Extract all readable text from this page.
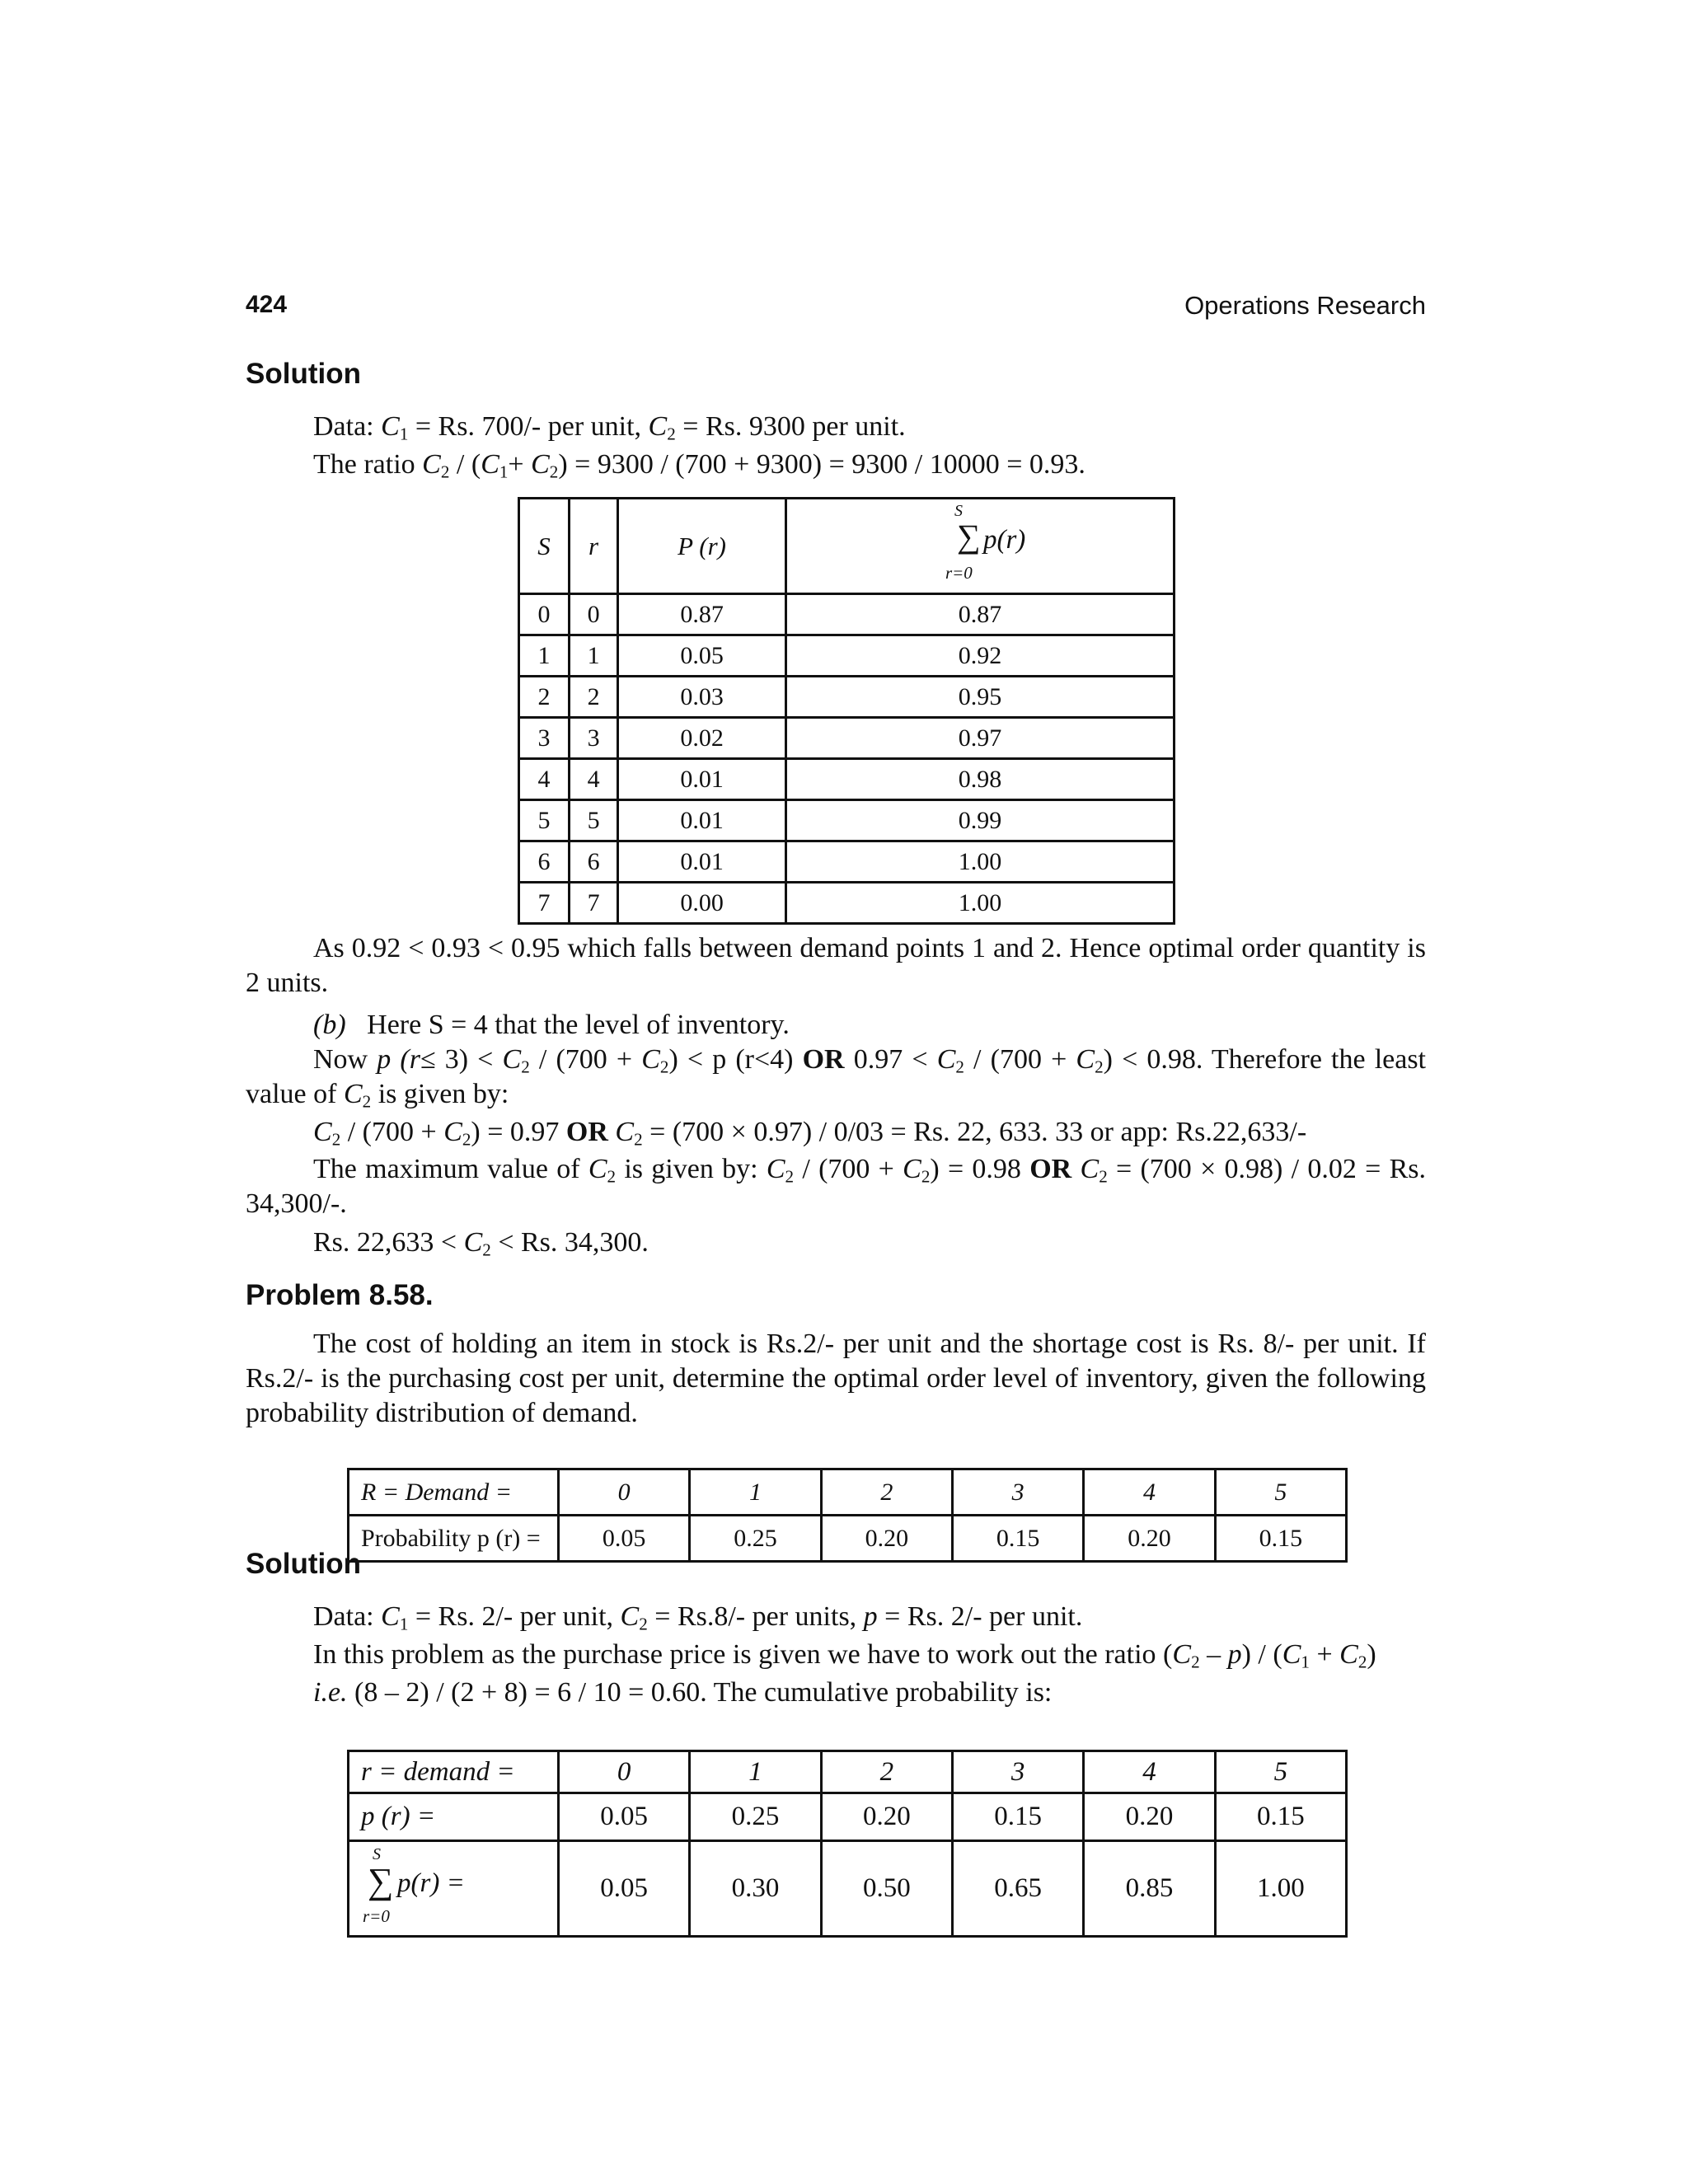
424	Operations Research
Solution
Data: $C_1 = Rs$. 700/- per unit, $C_2 = Rs$. 9300 per unit.
The ratio $C_2 / (C_1+ C_2) = 9300 / (700 + 9300) = 9300 / 10000 = 0.93$.
S	r	P (r)	S
∑ p(r)
r=0

0	0	0.87	0.87
1	1	0.05	0.92
2	2	0.03	0.95
3	3	0.02	0.97
4	4	0.01	0.98
5	5	0.01	0.99
6	6	0.01	1.00
7	7	0.00	1.00
As 0.92 < 0.93 < 0.95 which falls between demand points 1 and 2. Hence optimal order quantity is 2 units.
(b) Here S = 4 that the level of inventory.
Now p $(r\le 3) < C_2 / (700 + C_2) < p$ (r<4) OR $0.97 < C_2 / (700 + C_2) < 0.98$. Therefore the least value of $C_2$ is given by:
$C_2 / (700 + C_2) = 0.97$ OR $C_2 = (700 \times 0.97) / 0/03 = Rs$. 22, 633. 33 or app: Rs.22,633/-
The maximum value of $C_2$ is given by: $C_2 / (700 + C_2) = 0.98$ OR $C_2 = (700 \times 0.98) / 0.02 = Rs$. 34,300/-.
Rs. $22,633 < C_2 < Rs$. 34,300.
Problem 8.58.
The cost of holding an item in stock is Rs.2/- per unit and the shortage cost is Rs. 8/- per unit. If Rs.2/- is the purchasing cost per unit, determine the optimal order level of inventory, given the following probability distribution of demand.
R = Demand =	0	1	2	3	4	5
Probability p (r) =	0.05	0.25	0.20	0.15	0.20	0.15
Solution
Data: $C_1 = Rs$. 2/- per unit, $C_2 = Rs.8/-$ per units, p = Rs. 2/- per unit.
In this problem as the purchase price is given we have to work out the ratio $(C_2 - p) / (C_1 + C_2)$
i.e. (8 – 2) / (2 + 8) = 6 / 10 = 0.60. The cumulative probability is:
r = demand =	0	1	2	3	4	5
p (r) =	0.05	0.25	0.20	0.15	0.20	0.15

S
∑ p(r) =
r=0	0.05	0.30	0.50	0.65	0.85	1.00
